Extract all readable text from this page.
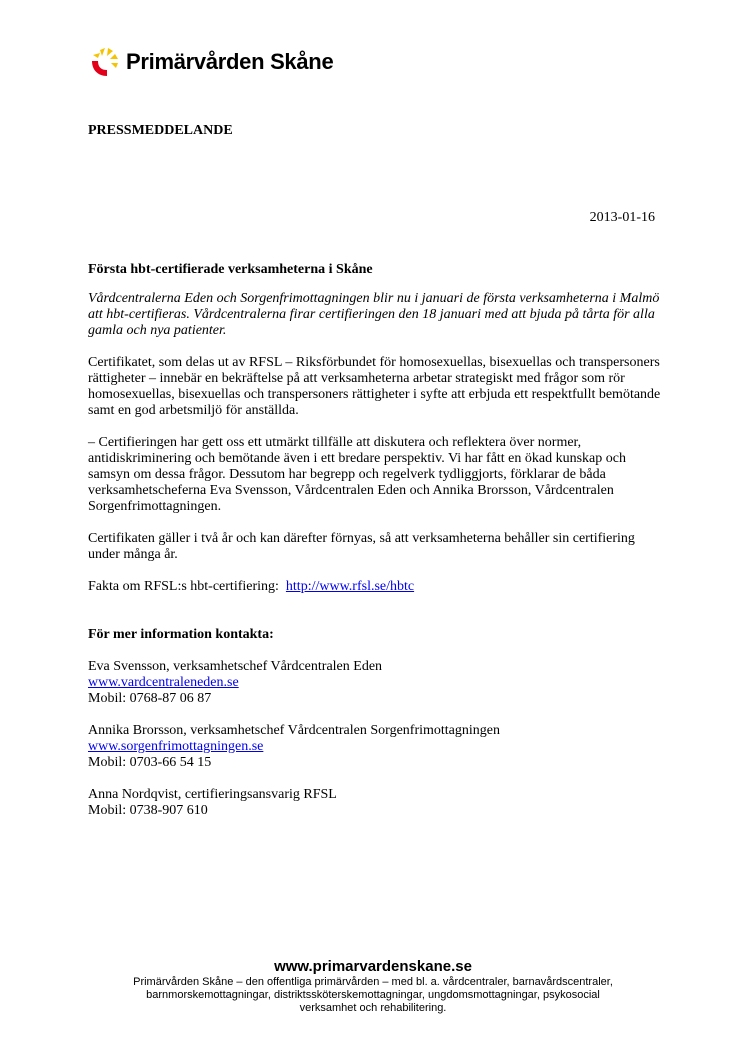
Primärvården Skåne
PRESSMEDDELANDE
2013-01-16

Första hbt-certifierade verksamheterna i Skåne

Vårdcentralerna Eden och Sorgenfrimottagningen blir nu i januari de första verksamheterna i Malmö att hbt-certifieras. Vårdcentralerna firar certifieringen den 18 januari med att bjuda på tårta för alla gamla och nya patienter.

Certifikatet, som delas ut av RFSL – Riksförbundet för homosexuellas, bisexuellas och transpersoners rättigheter – innebär en bekräftelse på att verksamheterna arbetar strategiskt med frågor som rör homosexuellas, bisexuellas och transpersoners rättigheter i syfte att erbjuda ett respektfullt bemötande samt en god arbetsmiljö för anställda.

– Certifieringen har gett oss ett utmärkt tillfälle att diskutera och reflektera över normer, antidiskriminering och bemötande även i ett bredare perspektiv. Vi har fått en ökad kunskap och samsyn om dessa frågor. Dessutom har begrepp och regelverk tydliggjorts, förklarar de båda verksamhetscheferna Eva Svensson, Vårdcentralen Eden och Annika Brorsson, Vårdcentralen Sorgenfrimottagningen.

Certifikaten gäller i två år och kan därefter förnyas, så att verksamheterna behåller sin certifiering under många år.

Fakta om RFSL:s hbt-certifiering: http://www.rfsl.se/hbtc

För mer information kontakta:

Eva Svensson, verksamhetschef Vårdcentralen Eden

www.vardcentraleneden.se

Mobil: 0768-87 06 87

Annika Brorsson, verksamhetschef Vårdcentralen Sorgenfrimottagningen

www.sorgenfrimottagningen.se

Mobil: 0703-66 54 15

Anna Nordqvist, certifieringsansvarig RFSL

Mobil: 0738-907 610

www.primarvardenskane.se
Primärvården Skåne – den offentliga primärvården – med bl. a. vårdcentraler, barnavårdscentraler,
barnmorskemottagningar, distriktssköterskemottagningar, ungdomsmottagningar, psykosocial
verksamhet och rehabilitering.
